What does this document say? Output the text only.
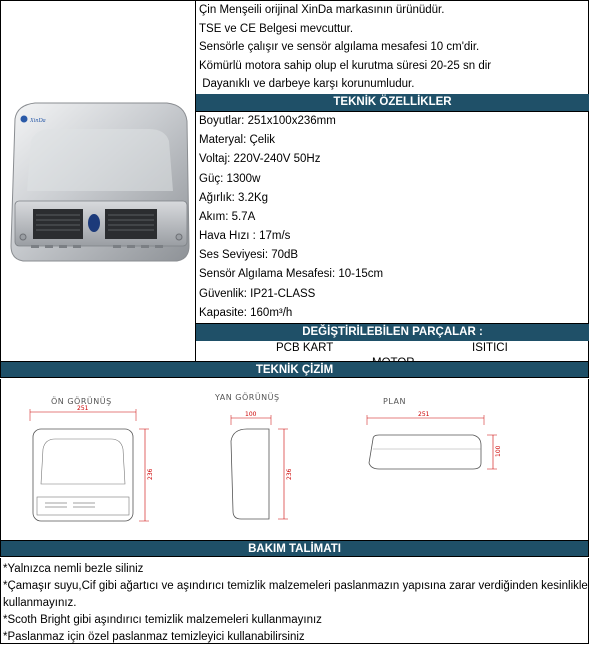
XinDa
Çin Menşeili orijinal XinDa markasının ürünüdür.
TSE ve CE Belgesi mevcuttur.
Sensörle çalışır ve sensör algılama mesafesi 10 cm'dir.
Kömürlü motora sahip olup el kurutma süresi 20-25 sn dir
Dayanıklı ve darbeye karşı korunumludur.
TEKNİK ÖZELLİKLER
Boyutlar: 251x100x236mm
Materyal: Çelik
Voltaj: 220V-240V 50Hz
Güç: 1300w
Ağırlık: 3.2Kg
Akım: 5.7A
Hava Hızı : 17m/s
Ses Seviyesi: 70dB
Sensör Algılama Mesafesi: 10-15cm
Güvenlik: IP21-CLASS
Kapasite: 160m³/h
DEĞİŞTİRİLEBİLEN PARÇALAR :
PCB KART	ISITICI
TEKNİK ÇİZİM
ÖN GÖRÜNÜŞ
251
236
YAN GÖRÜNÜŞ
100
236
PLAN
251
100
BAKIM TALİMATI
*Yalnızca nemli bezle siliniz
*Çamaşır suyu,Cif gibi ağartıcı ve aşındırıcı temizlik malzemeleri paslanmazın yapısına zarar verdiğinden kesinlikle kullanmayınız.
*Scoth Bright gibi aşındırıcı temizlik malzemeleri kullanmayınız
*Paslanmaz için özel paslanmaz temizleyici kullanabilirsiniz
